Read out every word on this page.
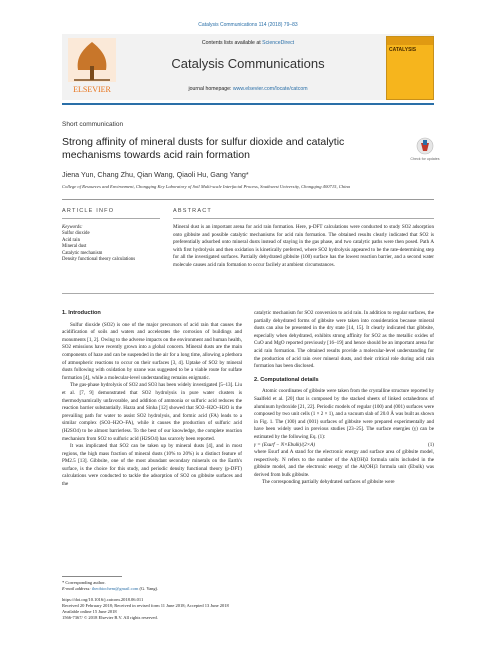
Catalysis Communications 114 (2018) 79–83
ELSEVIER
Contents lists available at ScienceDirect
Catalysis Communications
journal homepage: www.elsevier.com/locate/catcom
CATALYSIS
Short communication
Strong affinity of mineral dusts for sulfur dioxide and catalytic mechanisms towards acid rain formation	Check for updates
Jiena Yun, Chang Zhu, Qian Wang, Qiaoli Hu, Gang Yang*
College of Resources and Environment, Chongqing Key Laboratory of Soil Multi-scale Interfacial Process, Southwest University, Chongqing 400715, China
ARTICLE INFO	ABSTRACT
Keywords:
Sulfur dioxide
Acid rain
Mineral dust
Catalytic mechanism
Density functional theory calculations
Mineral dust is an important arena for acid rain formation. Here, p-DFT calculations were conducted to study SO2 adsorption onto gibbsite and possible catalytic mechanisms for acid rain formation. The obtained results clearly indicated that SO2 is preferentially adsorbed onto mineral dusts instead of staying in the gas phase, and two catalytic paths were then posed. Path A with first hydrolysis and then oxidation is kinetically preferred, where SO2 hydrolysis appeared to be the rate-determining step for all the investigated surfaces. Partially dehydrated gibbsite (100) surface has the lowest reaction barrier, and a second water molecule causes acid rain formation to occur facilely at ambient circumstances.
1. Introduction

Sulfur dioxide (SO2) is one of the major precursors of acid rain that causes the acidification of soils and waters and accelerates the corrosion of buildings and monuments [1, 2]. Owing to the adverse impacts on the environment and human health, SO2 emissions have recently grown into a global concern. Mineral dusts are the main components of haze and can be suspended in the air for a long time, allowing a plethora of atmospheric reactions to occur on their surfaces [3, 4]. Uptake of SO2 by mineral dusts following with oxidation by ozone was suggested to be a viable route for sulfate formation [4], while a molecular-level understanding remains enigmatic.

The gas-phase hydrolysis of SO2 and SO3 has been widely investigated [5–13]. Liu et al. [7, 9] demonstrated that SO2 hydrolysis in pure water clusters is thermodynamically unfavorable, and addition of ammonia or sulfuric acid reduces the reaction barrier substantially. Hazra and Sinha [12] showed that SO2–H2O–H2O is the prevailing path for water to assist SO2 hydrolysis, and formic acid (FA) leads to a similar complex (SO3–H2O–FA), while it causes the production of sulfuric acid (H2SO4) to be almost barrierless. To the best of our knowledge, the complete reaction mechanism from SO2 to sulfuric acid (H2SO4) has scarcely been reported.

It was implicated that SO2 can be taken up by mineral dusts [4], and in most regions, the high mass fraction of mineral dusts (10% to 20%) is a distinct feature of PM2.5 [13]. Gibbsite, one of the most abundant secondary minerals on the Earth's surface, is the choice for this study, and periodic density functional theory (p-DFT) calculations were conducted to tackle the adsorption of SO2 on gibbsite surfaces and the

catalytic mechanism for SO2 conversion to acid rain. In addition to regular surfaces, the partially dehydrated forms of gibbsite were taken into consideration because mineral dusts can also be presented in the dry state [14, 15]. It clearly indicated that gibbsite, especially when dehydrated, exhibits strong affinity for SO2 as the metallic oxides of CuO and MgO reported previously [16–19] and hence should be an important arena for acid rain formation. The obtained results provide a molecular-level understanding for the production of acid rain over mineral dusts, and their critical role during acid rain formation has been disclosed.

2. Computational details

Atomic coordinates of gibbsite were taken from the crystalline structure reported by Saalfeld et al. [20] that is composed by the stacked sheets of linked octahedrons of aluminum hydroxide [21, 22]. Periodic models of regular (100) and (001) surfaces were composed by two unit cells (1 × 2 × 1), and a vacuum slab of 20.0 Å was built as shown in Fig. 1. The (100) and (001) surfaces of gibbsite were prepared experimentally and have been widely used in previous studies [23–25]. The surface energies (γ) can be estimated by the following Eq. (1):

γ = (Esurf − N×Ebulk)/(2×A)	(1)

where Esurf and A stand for the electronic energy and surface area of gibbsite model, respectively. N refers to the number of the Al(OH)3 formula units included in the gibbsite model, and the electronic energy of the Al(OH)3 formula unit (Ebulk) was derived from bulk gibbsite.

The corresponding partially dehydrated surfaces of gibbsite were

* Corresponding author.
E-mail address: theobiochem@gmail.com (G. Yang).
https://doi.org/10.1016/j.catcom.2018.06.011
Received 20 February 2018; Received in revised form 11 June 2018; Accepted 13 June 2018
Available online 15 June 2018
1566-7367/ © 2018 Elsevier B.V. All rights reserved.
